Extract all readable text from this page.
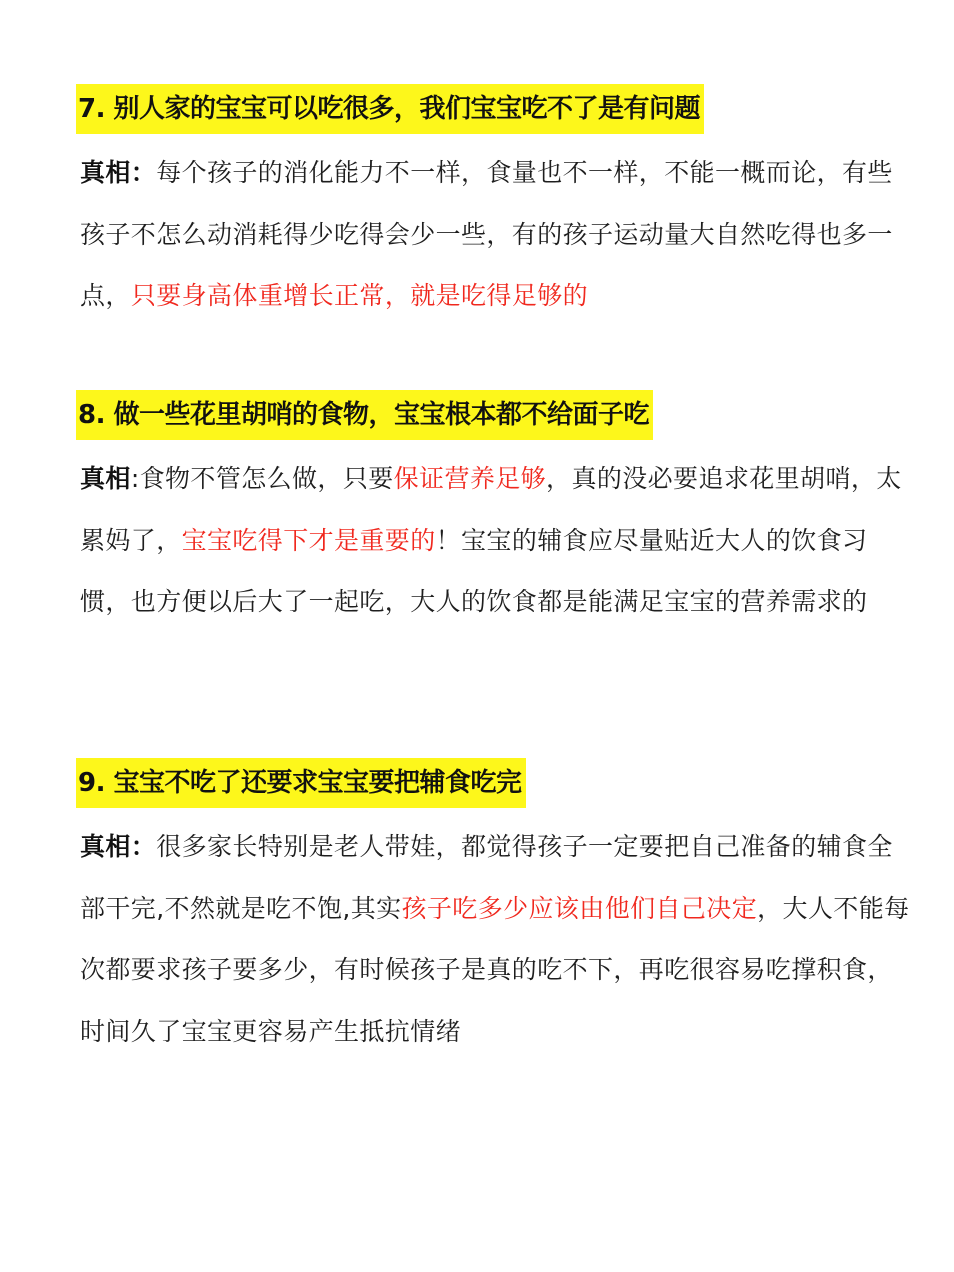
7. 别人家的宝宝可以吃很多，我们宝宝吃不了是有问题
真相：每个孩子的消化能力不一样，食量也不一样，不能一概而论，有些孩子不怎么动消耗得少吃得会少一些，有的孩子运动量大自然吃得也多一点，只要身高体重增长正常，就是吃得足够的
8. 做一些花里胡哨的食物，宝宝根本都不给面子吃
真相:食物不管怎么做，只要保证营养足够，真的没必要追求花里胡哨，太累妈了，宝宝吃得下才是重要的！宝宝的辅食应尽量贴近大人的饮食习惯，也方便以后大了一起吃，大人的饮食都是能满足宝宝的营养需求的
9. 宝宝不吃了还要求宝宝要把辅食吃完
真相：很多家长特别是老人带娃，都觉得孩子一定要把自己准备的辅食全部干完,不然就是吃不饱,其实孩子吃多少应该由他们自己决定，大人不能每次都要求孩子要多少，有时候孩子是真的吃不下，再吃很容易吃撑积食，时间久了宝宝更容易产生抵抗情绪
